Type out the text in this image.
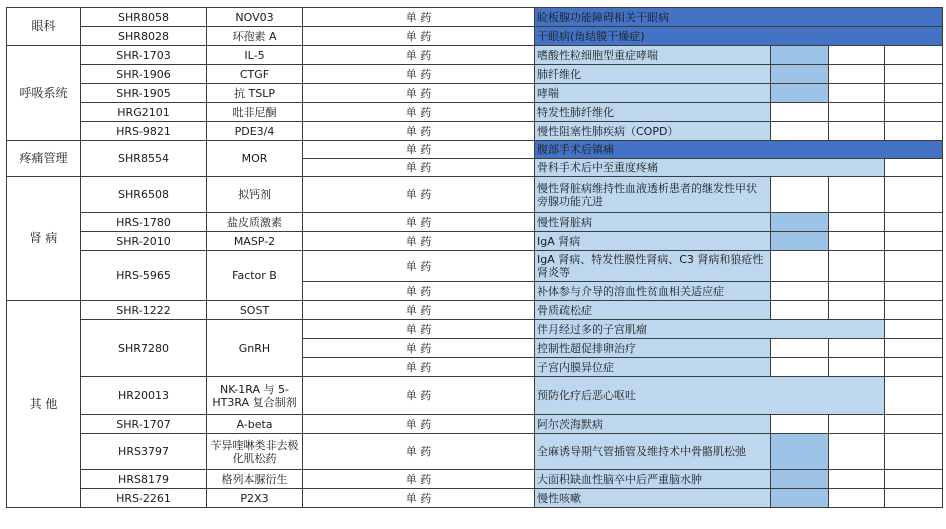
眼科	SHR8058	NOV03	单 药	睑板腺功能障碍相关干眼病			
	SHR8028	环孢素 A	单 药	干眼病(角结膜干燥症)			
呼吸系统	SHR-1703	IL-5	单 药	嗜酸性粒细胞型重症哮喘			
	SHR-1906	CTGF	单 药	肺纤维化			
	SHR-1905	抗 TSLP	单 药	哮喘			
	HRG2101	吡非尼酮	单 药	特发性肺纤维化			
	HRS-9821	PDE3/4	单 药	慢性阻塞性肺疾病（COPD）			
疼痛管理	SHR8554	MOR	单 药	腹部手术后镇痛			
			单 药	骨科手术后中至重度疼痛			
肾 病	SHR6508	拟钙剂	单 药	慢性肾脏病维持性血液透析患者的继发性甲状旁腺功能亢进			
	HRS-1780	盐皮质激素	单 药	慢性肾脏病			
	SHR-2010	MASP-2	单 药	IgA 肾病			
	HRS-5965	Factor B	单 药	IgA 肾病、特发性膜性肾病、C3 肾病和狼疮性肾炎等			
			单 药	补体参与介导的溶血性贫血相关适应症			
其 他	SHR-1222	SOST	单 药	骨质疏松症			
	SHR7280	GnRH	单 药	伴月经过多的子宫肌瘤			
			单 药	控制性超促排卵治疗			
			单 药	子宫内膜异位症			
	HR20013	NK-1RA 与 5-HT3RA 复合制剂	单 药	预防化疗后恶心呕吐			
	SHR-1707	A-beta	单 药	阿尔茨海默病			
	HRS3797	苄异喹啉类非去极化肌松药	单 药	全麻诱导期气管插管及维持术中骨骼肌松弛			
	HRS8179	格列本脲衍生	单 药	大面积缺血性脑卒中后严重脑水肿			
	HRS-2261	P2X3	单 药	慢性咳嗽			
